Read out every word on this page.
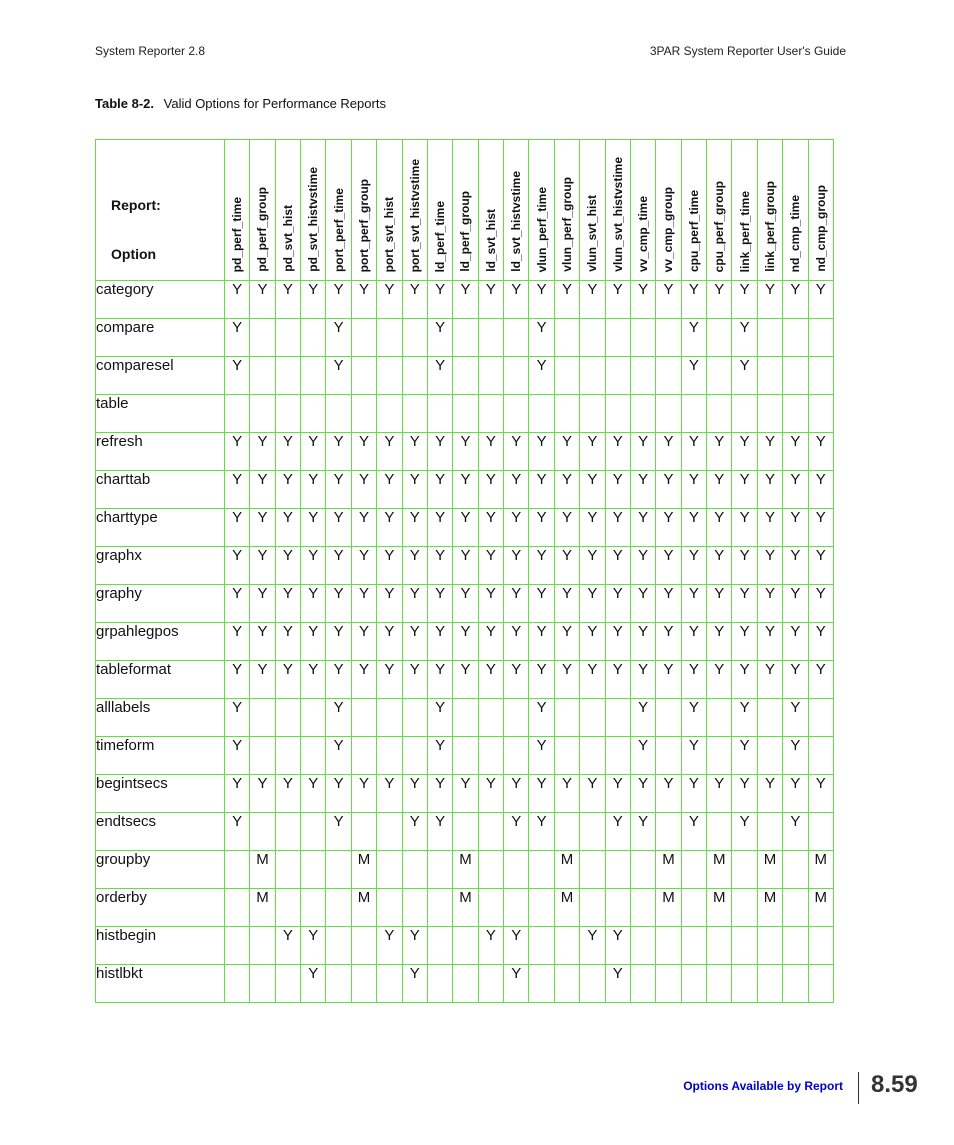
System Reporter 2.8	3PAR System Reporter User's Guide
Table 8-2. Valid Options for Performance Reports
Report:
Option	pd_perf_time	pd_perf_group	pd_svt_hist	pd_svt_histvstime	port_perf_time	port_perf_group	port_svt_hist	port_svt_histvstime	ld_perf_time	ld_perf_group	ld_svt_hist	ld_svt_histvstime	vlun_perf_time	vlun_perf_group	vlun_svt_hist	vlun_svt_histvstime	vv_cmp_time	vv_cmp_group	cpu_perf_time	cpu_perf_group	link_perf_time	link_perf_group	nd_cmp_time	nd_cmp_group

category	Y	Y	Y	Y	Y	Y	Y	Y	Y	Y	Y	Y	Y	Y	Y	Y	Y	Y	Y	Y	Y	Y	Y	Y
compare	Y				Y				Y				Y						Y		Y			
comparesel	Y				Y				Y				Y						Y		Y			
table																								
refresh	Y	Y	Y	Y	Y	Y	Y	Y	Y	Y	Y	Y	Y	Y	Y	Y	Y	Y	Y	Y	Y	Y	Y	Y
charttab	Y	Y	Y	Y	Y	Y	Y	Y	Y	Y	Y	Y	Y	Y	Y	Y	Y	Y	Y	Y	Y	Y	Y	Y
charttype	Y	Y	Y	Y	Y	Y	Y	Y	Y	Y	Y	Y	Y	Y	Y	Y	Y	Y	Y	Y	Y	Y	Y	Y
graphx	Y	Y	Y	Y	Y	Y	Y	Y	Y	Y	Y	Y	Y	Y	Y	Y	Y	Y	Y	Y	Y	Y	Y	Y
graphy	Y	Y	Y	Y	Y	Y	Y	Y	Y	Y	Y	Y	Y	Y	Y	Y	Y	Y	Y	Y	Y	Y	Y	Y
grpahlegpos	Y	Y	Y	Y	Y	Y	Y	Y	Y	Y	Y	Y	Y	Y	Y	Y	Y	Y	Y	Y	Y	Y	Y	Y
tableformat	Y	Y	Y	Y	Y	Y	Y	Y	Y	Y	Y	Y	Y	Y	Y	Y	Y	Y	Y	Y	Y	Y	Y	Y
alllabels	Y				Y				Y				Y				Y		Y		Y		Y	
timeform	Y				Y				Y				Y				Y		Y		Y		Y	
begintsecs	Y	Y	Y	Y	Y	Y	Y	Y	Y	Y	Y	Y	Y	Y	Y	Y	Y	Y	Y	Y	Y	Y	Y	Y
endtsecs	Y				Y			Y	Y			Y	Y			Y	Y		Y		Y		Y	
groupby		M				M				M				M				M		M		M		M
orderby		M				M				M				M				M		M		M		M
histbegin			Y	Y			Y	Y			Y	Y			Y	Y								
histlbkt				Y				Y				Y				Y								
Options Available by Report 8.59
